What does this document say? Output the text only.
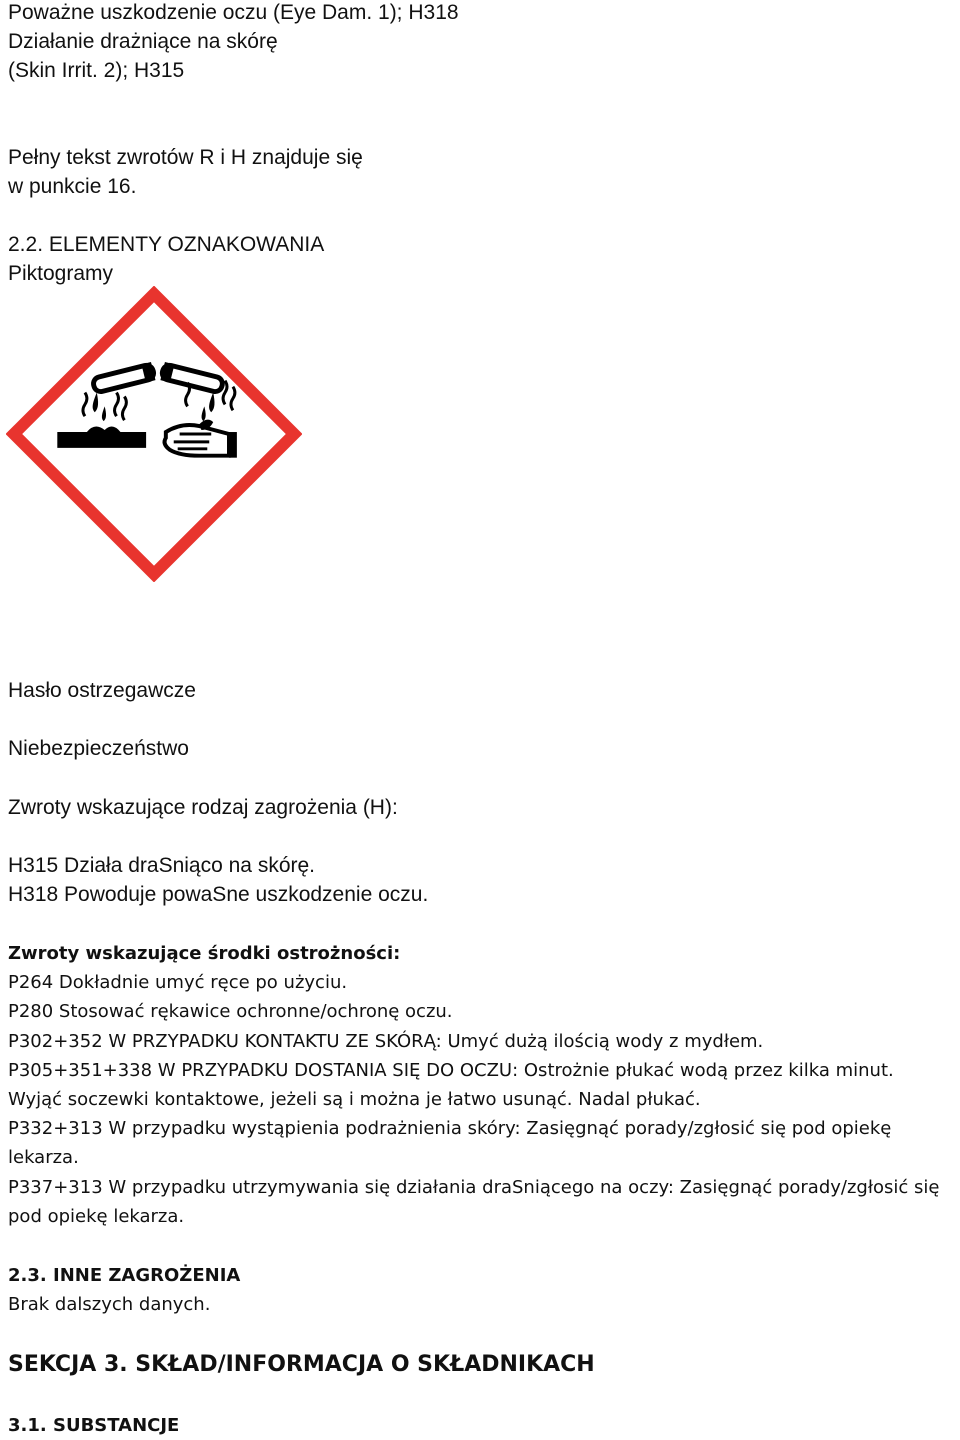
Poważne uszkodzenie oczu (Eye Dam. 1); H318

Działanie drażniące na skórę

(Skin Irrit. 2); H315

Pełny tekst zwrotów R i H znajduje się

w punkcie 16.

2.2. ELEMENTY OZNAKOWANIA

Piktogramy

Hasło ostrzegawcze

Niebezpieczeństwo

Zwroty wskazujące rodzaj zagrożenia (H):

H315 Działa draSniąco na skórę.

H318 Powoduje powaSne uszkodzenie oczu.

Zwroty wskazujące środki ostrożności:

P264 Dokładnie umyć ręce po użyciu.

P280 Stosować rękawice ochronne/ochronę oczu.

P302+352 W PRZYPADKU KONTAKTU ZE SKÓRĄ: Umyć dużą ilością wody z mydłem.

P305+351+338 W PRZYPADKU DOSTANIA SIĘ DO OCZU: Ostrożnie płukać wodą przez kilka minut.

Wyjąć soczewki kontaktowe, jeżeli są i można je łatwo usunąć. Nadal płukać.

P332+313 W przypadku wystąpienia podrażnienia skóry: Zasięgnąć porady/zgłosić się pod opiekę lekarza.

P337+313 W przypadku utrzymywania się działania draSniącego na oczy: Zasięgnąć porady/zgłosić się pod opiekę lekarza.

2.3. INNE ZAGROŻENIA

Brak dalszych danych.

SEKCJA 3. SKŁAD/INFORMACJA O SKŁADNIKACH

3.1. SUBSTANCJE
